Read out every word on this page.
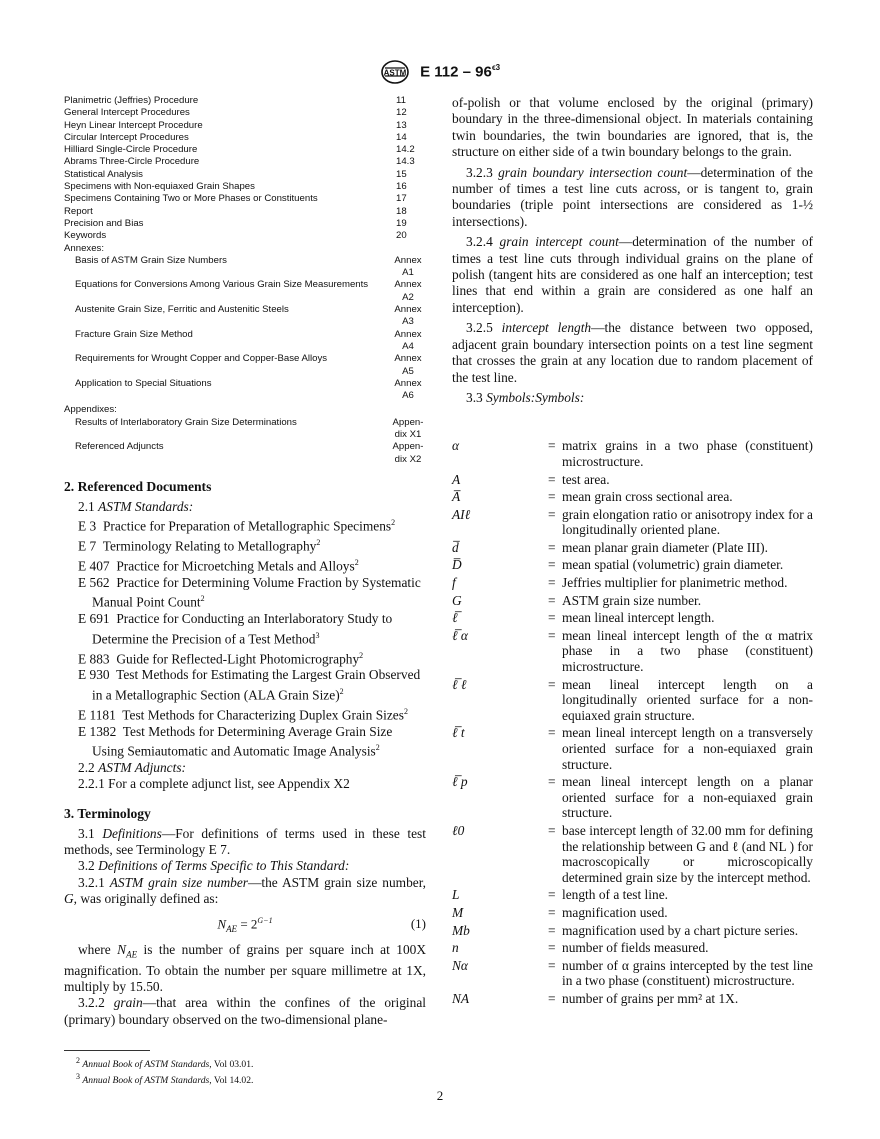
ASTM E $112 - 96^{\epsilon 3}$
Planimetric (Jeffries) Procedure	11
General Intercept Procedures	12
Heyn Linear Intercept Procedure	13
Circular Intercept Procedures	14
Hilliard Single-Circle Procedure	14.2
Abrams Three-Circle Procedure	14.3
Statistical Analysis	15
Specimens with Non-equiaxed Grain Shapes	16
Specimens Containing Two or More Phases or Constituents	17
Report	18
Precision and Bias	19
Keywords	20
Annexes:
Basis of ASTM Grain Size Numbers	Annex
A1
Equations for Conversions Among Various Grain Size Measurements	Annex
A2
Austenite Grain Size, Ferritic and Austenitic Steels	Annex
A3
Fracture Grain Size Method	Annex
A4
Requirements for Wrought Copper and Copper-Base Alloys	Annex
A5
Application to Special Situations	Annex
A6
Appendixes:
Results of Interlaboratory Grain Size Determinations	Appen-
dix X1
Referenced Adjuncts	Appen-
dix X2
2. Referenced Documents
2.1 ASTM Standards:
E 3 Practice for Preparation of Metallographic Specimens$^2$
E 7 Terminology Relating to Metallography$^2$
E 407 Practice for Microetching Metals and Alloys$^2$
E 562 Practice for Determining Volume Fraction by Systematic Manual Point Count$^2$
E 691 Practice for Conducting an Interlaboratory Study to Determine the Precision of a Test Method$^3$
E 883 Guide for Reflected-Light Photomicrography$^2$
E 930 Test Methods for Estimating the Largest Grain Observed in a Metallographic Section (ALA Grain Size)$^2$
E 1181 Test Methods for Characterizing Duplex Grain Sizes$^2$
E 1382 Test Methods for Determining Average Grain Size Using Semiautomatic and Automatic Image Analysis$^2$
2.2 ASTM Adjuncts:
2.2.1 For a complete adjunct list, see Appendix X2
3. Terminology
3.1 Definitions—For definitions of terms used in these test methods, see Terminology E 7.
3.2 Definitions of Terms Specific to This Standard:
3.2.1 ASTM grain size number—the ASTM grain size number, G, was originally defined as:
$N_{AE} = 2^{G-1}$	(1)
where $N_{AE}$ is the number of grains per square inch at 100X magnification. To obtain the number per square millimetre at 1X, multiply by 15.50.
3.2.2 grain—that area within the confines of the original (primary) boundary observed on the two-dimensional plane-
$^2$ Annual Book of ASTM Standards, Vol 03.01.
$^3$ Annual Book of ASTM Standards, Vol 14.02.
of-polish or that volume enclosed by the original (primary) boundary in the three-dimensional object. In materials containing twin boundaries, the twin boundaries are ignored, that is, the structure on either side of a twin boundary belongs to the grain.
3.2.3 grain boundary intersection count—determination of the number of times a test line cuts across, or is tangent to, grain boundaries (triple point intersections are considered as 1-½ intersections).
3.2.4 grain intercept count—determination of the number of times a test line cuts through individual grains on the plane of polish (tangent hits are considered as one half an interception; test lines that end within a grain are considered as one half an interception).
3.2.5 intercept length—the distance between two opposed, adjacent grain boundary intersection points on a test line segment that crosses the grain at any location due to random placement of the test line.
3.3 Symbols:Symbols:
α	= matrix grains in a two phase (constituent) microstructure.
A	= test area.
A̅	= mean grain cross sectional area.
AIℓ	= grain elongation ratio or anisotropy index for a longitudinally oriented plane.
d̅	= mean planar grain diameter (Plate III).
D̅	= mean spatial (volumetric) grain diameter.
f	= Jeffries multiplier for planimetric method.
G	= ASTM grain size number.
ℓ̅	= mean lineal intercept length.
ℓ̅ α	= mean lineal intercept length of the α matrix phase in a two phase (constituent) microstructure.
ℓ̅ ℓ	= mean lineal intercept length on a longitudinally oriented surface for a non-equiaxed grain structure.
ℓ̅ t	= mean lineal intercept length on a transversely oriented surface for a non-equiaxed grain structure.
ℓ̅ p	= mean lineal intercept length on a planar oriented surface for a non-equiaxed grain structure.
ℓ0	= base intercept length of 32.00 mm for defining the relationship between G and ℓ (and NL ) for macroscopically or microscopically determined grain size by the intercept method.
L	= length of a test line.
M	= magnification used.
Mb	= magnification used by a chart picture series.
n	= number of fields measured.
Nα	= number of α grains intercepted by the test line in a two phase (constituent) microstructure.
NA	= number of grains per mm² at 1X.
2
